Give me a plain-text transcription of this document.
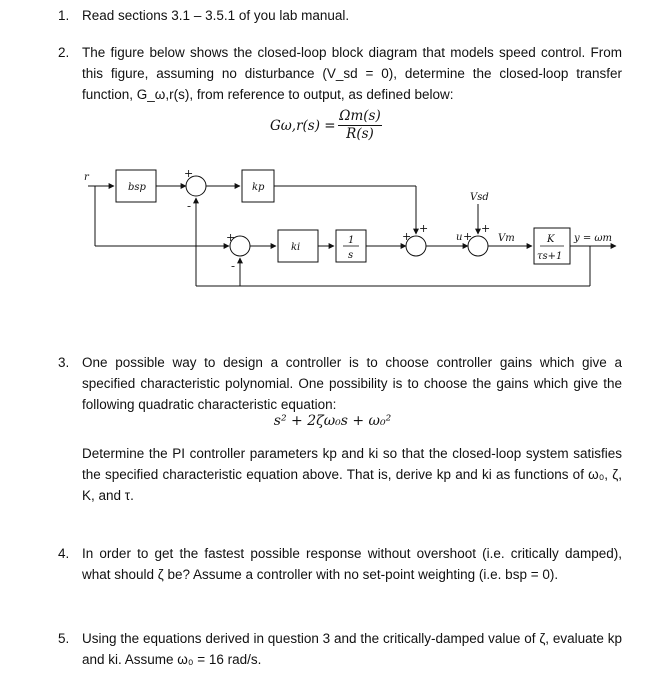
1. Read sections 3.1 – 3.5.1 of you lab manual.
2. The figure below shows the closed-loop block diagram that models speed control. From this figure, assuming no disturbance (V_sd = 0), determine the closed-loop transfer function, G_ω,r(s), from reference to output, as defined below:
$G\omega,r(s) = \frac{\Omega m(s)}{R(s)}$
r
bsp	kp
ki
1
s
K
τs+1
u	Vm
Vsd
y = ωm
+
-
+
-
+
+
+
+
3. One possible way to design a controller is to choose controller gains which give a specified characteristic polynomial. One possibility is to choose the gains which give the following quadratic characteristic equation:
s² + 2ζω₀s + ω₀²
Determine the PI controller parameters kp and ki so that the closed-loop system satisfies the specified characteristic equation above. That is, derive kp and ki as functions of ω₀, ζ, K, and τ.
4. In order to get the fastest possible response without overshoot (i.e. critically damped), what should ζ be? Assume a controller with no set-point weighting (i.e. bsp = 0).
5. Using the equations derived in question 3 and the critically-damped value of ζ, evaluate kp and ki. Assume ω₀ = 16 rad/s.
